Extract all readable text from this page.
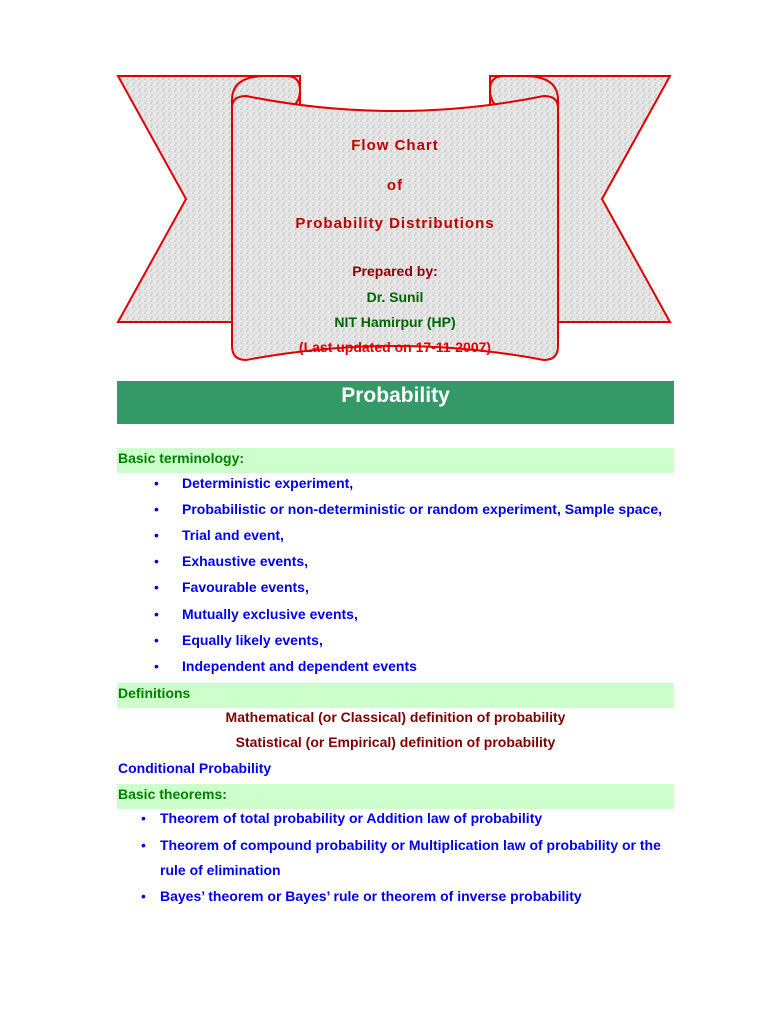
Flow Chart
of
Probability Distributions
Prepared by:
Dr. Sunil
NIT Hamirpur (HP)
(Last updated on 17-11-2007)
Probability
Basic terminology:
• Deterministic experiment,
• Probabilistic or non-deterministic or random experiment, Sample space,
• Trial and event,
• Exhaustive events,
• Favourable events,
• Mutually exclusive events,
• Equally likely events,
• Independent and dependent events
Definitions
Mathematical (or Classical) definition of probability
Statistical (or Empirical) definition of probability
Conditional Probability
Basic theorems:
• Theorem of total probability or Addition law of probability
• Theorem of compound probability or Multiplication law of probability or the
rule of elimination
• Bayes’ theorem or Bayes’ rule or theorem of inverse probability
